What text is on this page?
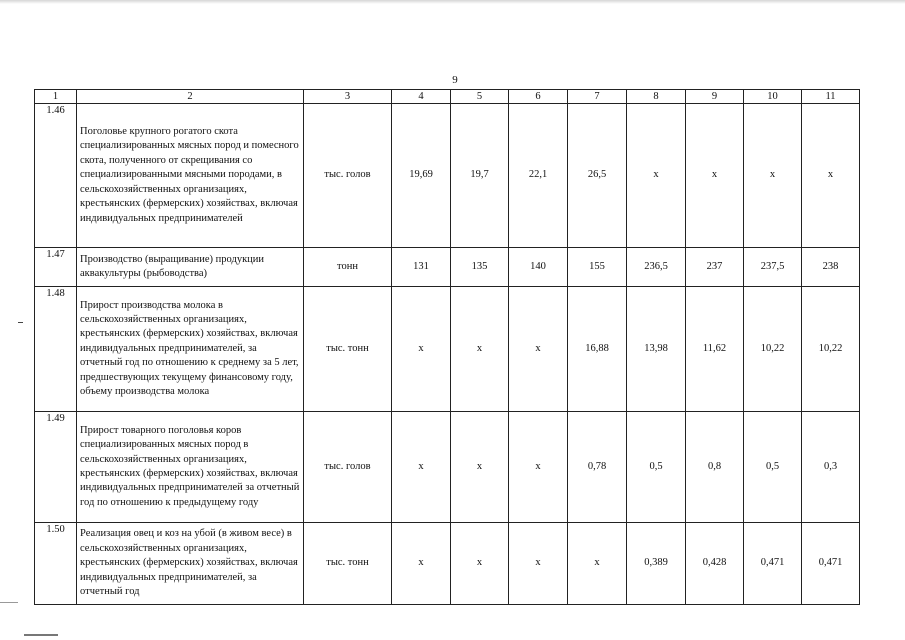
9
1	2	3	4	5	6	7	8	9	10	11
1.46	Поголовье крупного рогатого скота специализированных мясных пород и помесного скота, полученного от скрещивания со специализированными мясными породами, в сельскохозяйственных организациях, крестьянских (фермерских) хозяйствах, включая индивидуальных предпринимателей	тыс. голов	19,69	19,7	22,1	26,5	х	х	х	х
1.47	Производство (выращивание) продукции аквакультуры (рыбоводства)	тонн	131	135	140	155	236,5	237	237,5	238
1.48	Прирост производства молока в сельскохозяйственных организациях, крестьянских (фермерских) хозяйствах, включая индивидуальных предпринимателей, за отчетный год по отношению к среднему за 5 лет, предшествующих текущему финансовому году, объему производства молока	тыс. тонн	х	х	х	16,88	13,98	11,62	10,22	10,22
1.49	Прирост товарного поголовья коров специализированных мясных пород в сельскохозяйственных организациях, крестьянских (фермерских) хозяйствах, включая индивидуальных предпринимателей за отчетный год по отношению к предыдущему году	тыс. голов	х	х	х	0,78	0,5	0,8	0,5	0,3
1.50	Реализация овец и коз на убой (в живом весе) в сельскохозяйственных организациях, крестьянских (фермерских) хозяйствах, включая индивидуальных предпринимателей, за отчетный год	тыс. тонн	х	х	х	х	0,389	0,428	0,471	0,471
